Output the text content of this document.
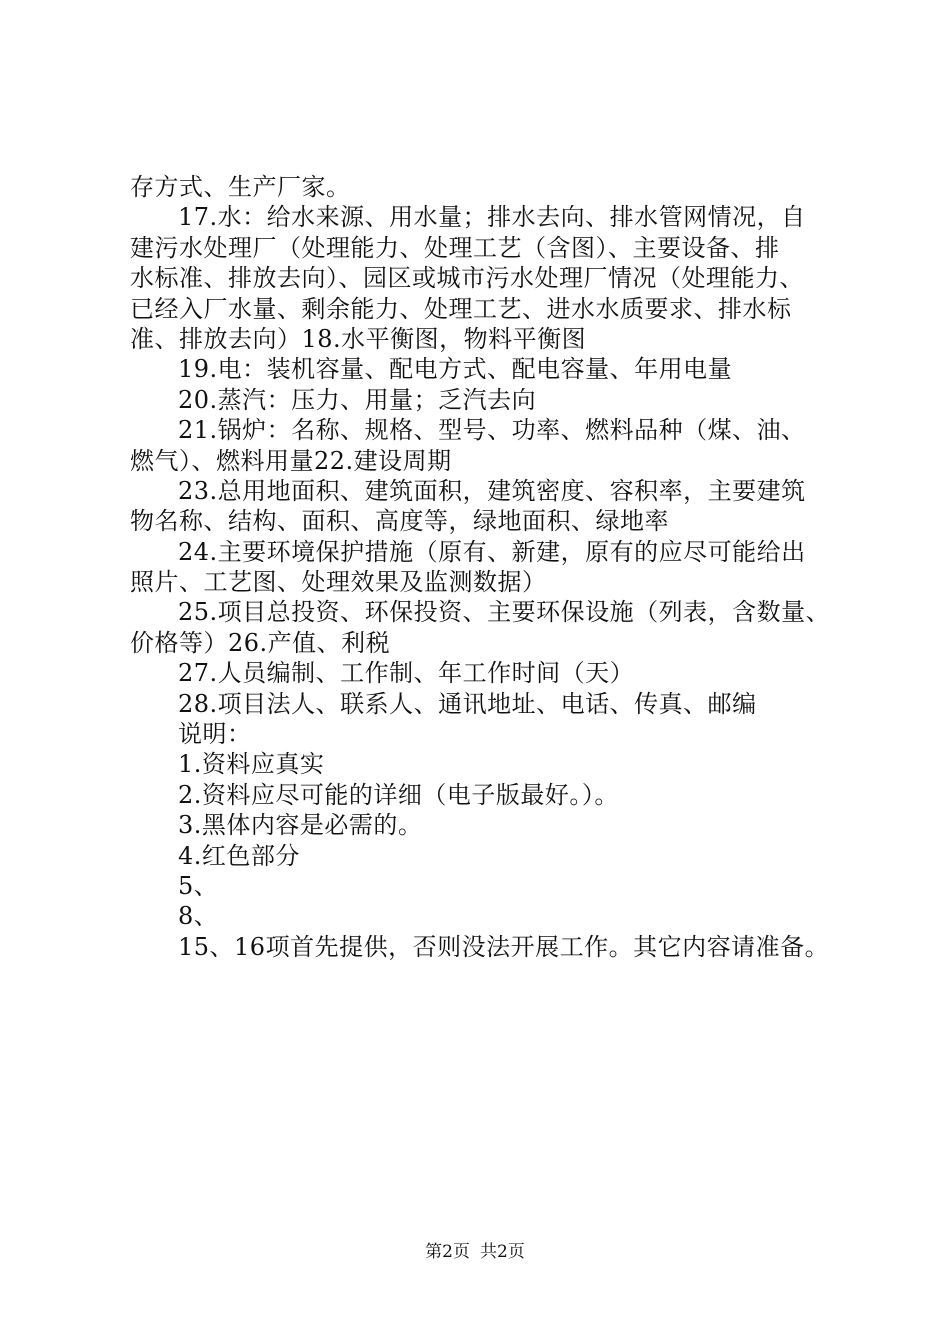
存方式、生产厂家。
17.水：给水来源、用水量；排水去向、排水管网情况，自
建污水处理厂（处理能力、处理工艺（含图）、主要设备、排
水标准、排放去向）、园区或城市污水处理厂情况（处理能力、
已经入厂水量、剩余能力、处理工艺、进水水质要求、排水标
准、排放去向）18.水平衡图，物料平衡图
19.电：装机容量、配电方式、配电容量、年用电量
20.蒸汽：压力、用量；乏汽去向
21.锅炉：名称、规格、型号、功率、燃料品种（煤、油、
燃气）、燃料用量22.建设周期
23.总用地面积、建筑面积，建筑密度、容积率，主要建筑
物名称、结构、面积、高度等，绿地面积、绿地率
24.主要环境保护措施（原有、新建，原有的应尽可能给出
照片、工艺图、处理效果及监测数据）
25.项目总投资、环保投资、主要环保设施（列表，含数量、
价格等）26.产值、利税
27.人员编制、工作制、年工作时间（天）
28.项目法人、联系人、通讯地址、电话、传真、邮编
说明：
1.资料应真实
2.资料应尽可能的详细（电子版最好。）。
3.黑体内容是必需的。
4.红色部分
5、
8、
15、16项首先提供，否则没法开展工作。其它内容请准备。
第2页 共2页
